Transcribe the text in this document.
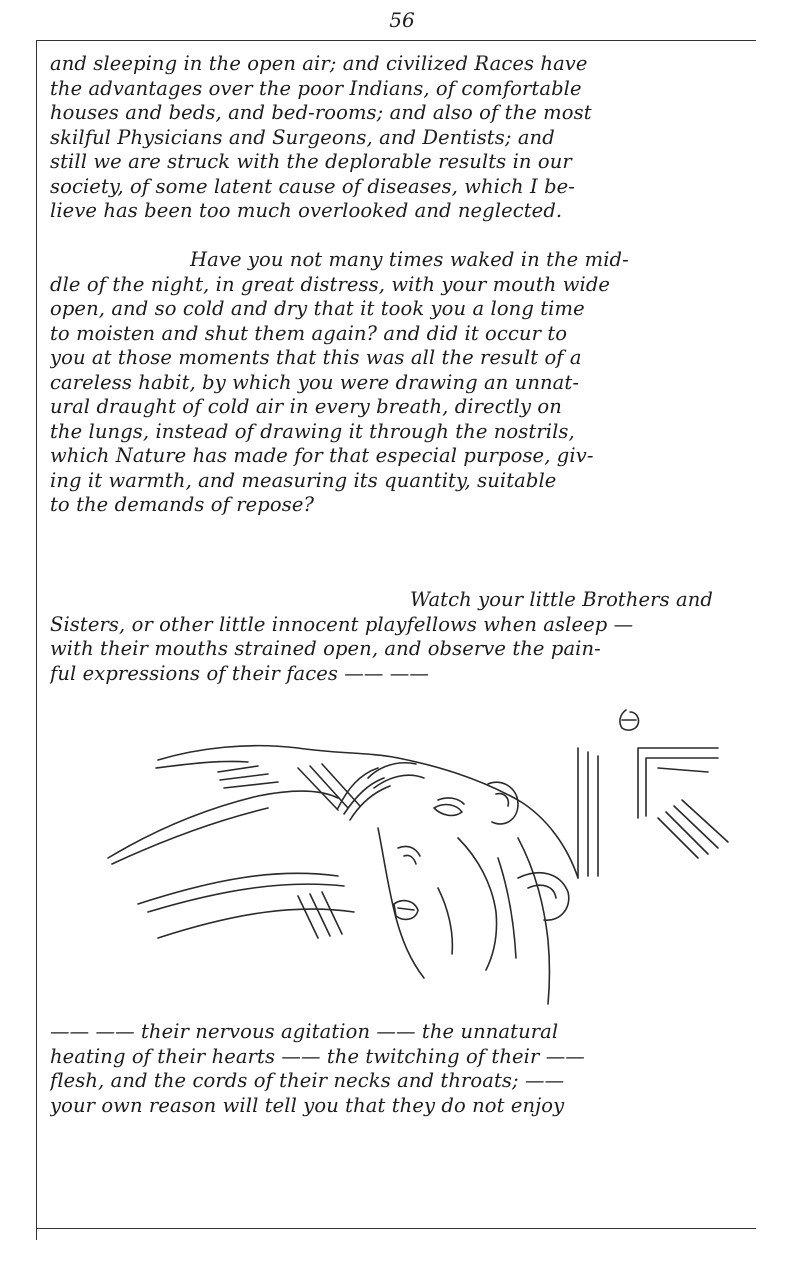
56
and sleeping in the open air; and civilized Races have
the advantages over the poor Indians, of comfortable
houses and beds, and bed-rooms; and also of the most
skilful Physicians and Surgeons, and Dentists; and
still we are struck with the deplorable results in our
society, of some latent cause of diseases, which I be-
lieve has been too much overlooked and neglected.
Have you not many times waked in the mid-
dle of the night, in great distress, with your mouth wide
open, and so cold and dry that it took you a long time
to moisten and shut them again? and did it occur to
you at those moments that this was all the result of a
careless habit, by which you were drawing an unnat-
ural draught of cold air in every breath, directly on
the lungs, instead of drawing it through the nostrils,
which Nature has made for that especial purpose, giv-
ing it warmth, and measuring its quantity, suitable
to the demands of repose?
Watch your little Brothers and
Sisters, or other little innocent playfellows when asleep —
with their mouths strained open, and observe the pain-
ful expressions of their faces —— ——
—— —— their nervous agitation —— the unnatural
heating of their hearts —— the twitching of their ——
flesh, and the cords of their necks and throats; ——
your own reason will tell you that they do not enjoy
